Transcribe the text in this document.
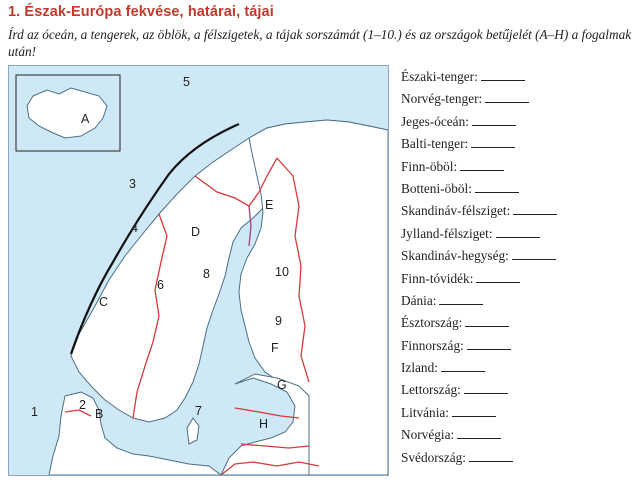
1. Észak-Európa fekvése, határai, tájai
Írd az óceán, a tengerek, az öblök, a félszigetek, a tájak sorszámát (1–10.) és az országok betűjelét (A–H) a fogalmak után!
1	2
3
4
5
6
7
8
9
10
A
B
C
D
E
F
G
H
Északi-tenger:
Norvég-tenger:
Jeges-óceán:
Balti-tenger:
Finn-öböl:
Botteni-öböl:
Skandináv-félsziget:
Jylland-félsziget:
Skandináv-hegység:
Finn-tóvidék:
Dánia:
Észtország:
Finnország:
Izland:
Lettország:
Litvánia:
Norvégia:
Svédország:
